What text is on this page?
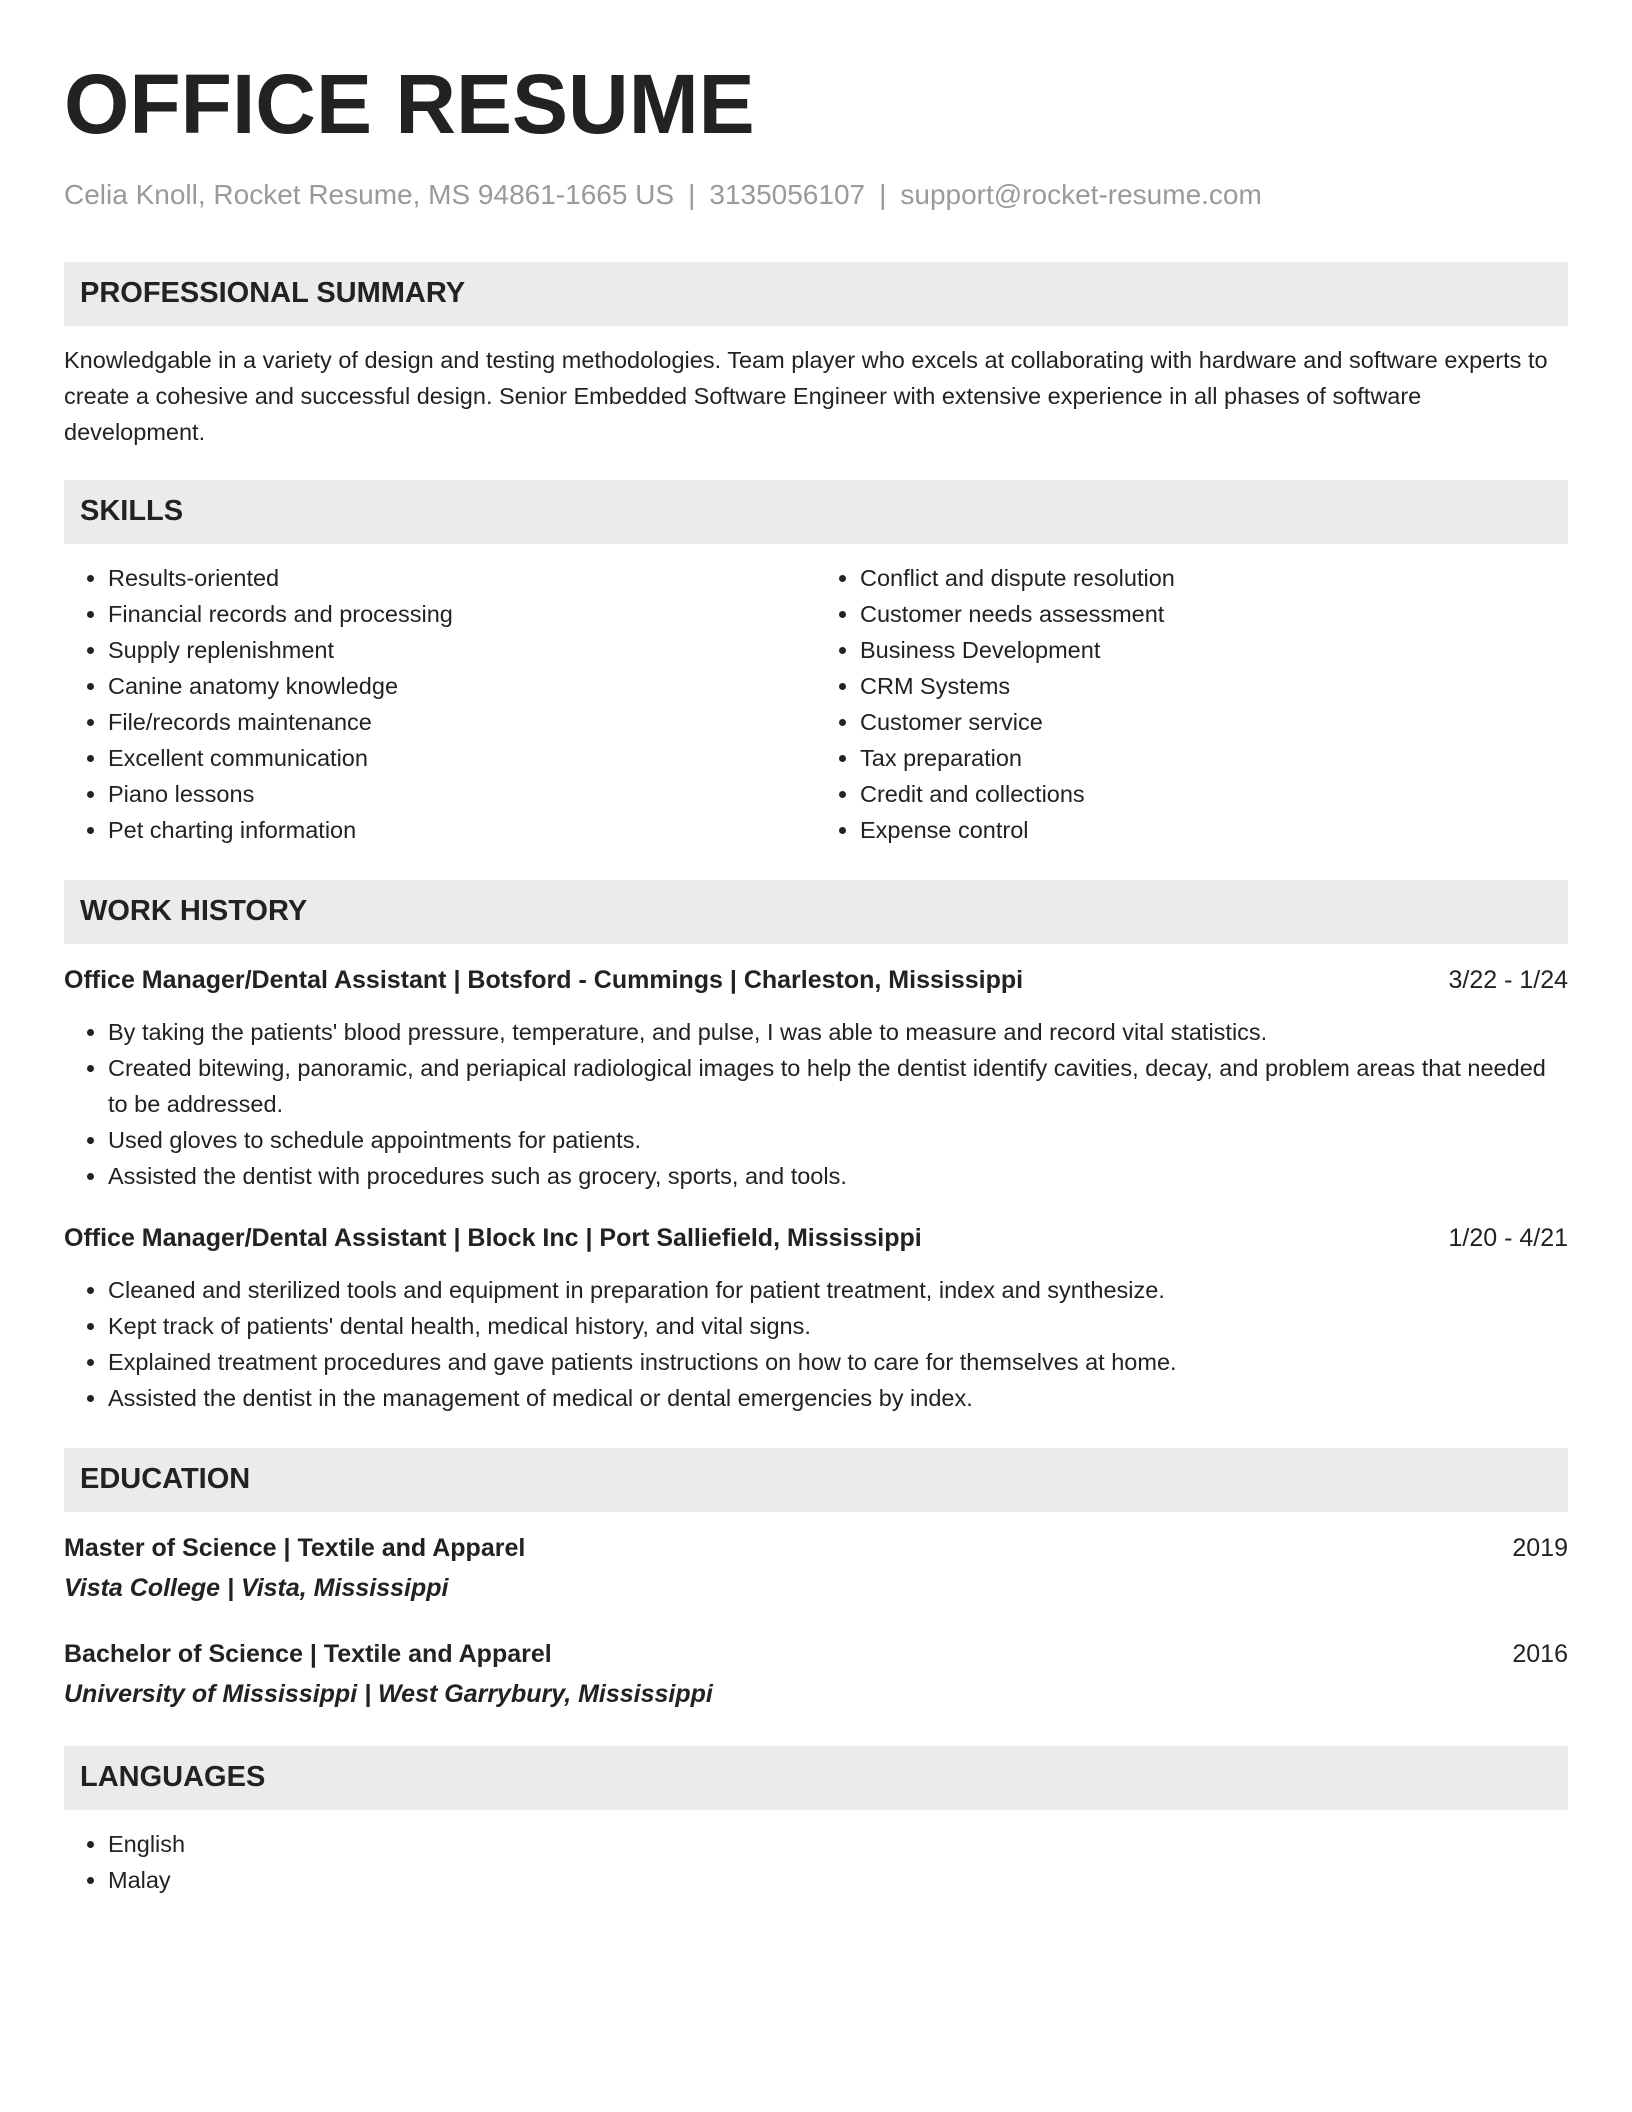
OFFICE RESUME
Celia Knoll, Rocket Resume, MS 94861-1665 US | 3135056107 | support@rocket-resume.com
PROFESSIONAL SUMMARY

Knowledgable in a variety of design and testing methodologies. Team player who excels at collaborating with hardware and software experts to create a cohesive and successful design. Senior Embedded Software Engineer with extensive experience in all phases of software development.

SKILLS
• Results-oriented
• Financial records and processing
• Supply replenishment
• Canine anatomy knowledge
• File/records maintenance
• Excellent communication
• Piano lessons
• Pet charting information
• Conflict and dispute resolution
• Customer needs assessment
• Business Development
• CRM Systems
• Customer service
• Tax preparation
• Credit and collections
• Expense control
WORK HISTORY
Office Manager/Dental Assistant | Botsford - Cummings | Charleston, Mississippi	3/22 - 1/24
• By taking the patients' blood pressure, temperature, and pulse, I was able to measure and record vital statistics.
• Created bitewing, panoramic, and periapical radiological images to help the dentist identify cavities, decay, and problem areas that needed to be addressed.
• Used gloves to schedule appointments for patients.
• Assisted the dentist with procedures such as grocery, sports, and tools.
Office Manager/Dental Assistant | Block Inc | Port Salliefield, Mississippi	1/20 - 4/21
• Cleaned and sterilized tools and equipment in preparation for patient treatment, index and synthesize.
• Kept track of patients' dental health, medical history, and vital signs.
• Explained treatment procedures and gave patients instructions on how to care for themselves at home.
• Assisted the dentist in the management of medical or dental emergencies by index.
EDUCATION
Master of Science | Textile and Apparel	2019
Vista College | Vista, Mississippi
Bachelor of Science | Textile and Apparel	2016
University of Mississippi | West Garrybury, Mississippi
LANGUAGES
• English
• Malay
